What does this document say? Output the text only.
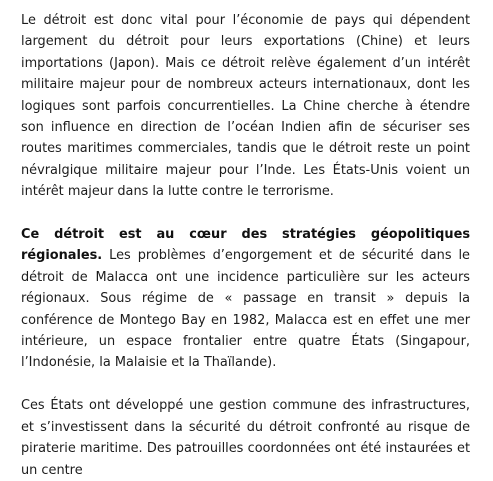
Le détroit est donc vital pour l’économie de pays qui dépendent largement du détroit pour leurs exportations (Chine) et leurs importations (Japon). Mais ce détroit relève également d’un intérêt militaire majeur pour de nombreux acteurs internationaux, dont les logiques sont parfois concurrentielles. La Chine cherche à étendre son influence en direction de l’océan Indien afin de sécuriser ses routes maritimes commerciales, tandis que le détroit reste un point névralgique militaire majeur pour l’Inde. Les États-Unis voient un intérêt majeur dans la lutte contre le terrorisme.

Ce détroit est au cœur des stratégies géopolitiques régionales. Les problèmes d’engorgement et de sécurité dans le détroit de Malacca ont une incidence particulière sur les acteurs régionaux. Sous régime de « passage en transit » depuis la conférence de Montego Bay en 1982, Malacca est en effet une mer intérieure, un espace frontalier entre quatre États (Singapour, l’Indonésie, la Malaisie et la Thaïlande).

Ces États ont développé une gestion commune des infrastructures, et s’investissent dans la sécurité du détroit confronté au risque de piraterie maritime. Des patrouilles coordonnées ont été instaurées et un centre
